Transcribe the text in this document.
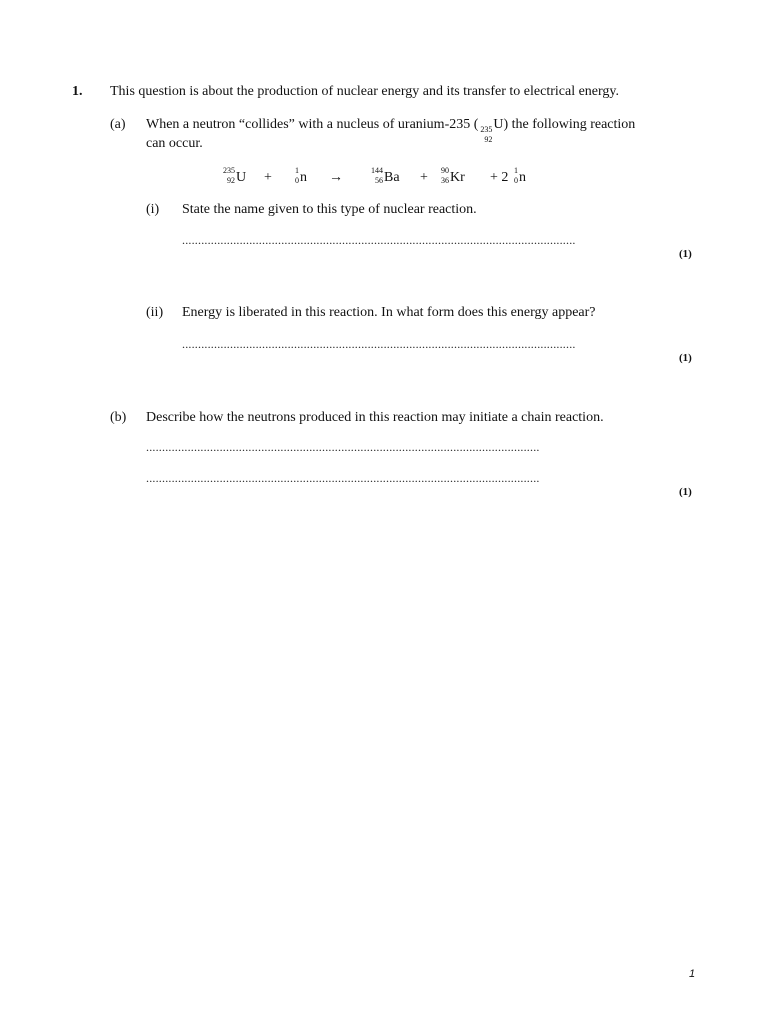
1. This question is about the production of nuclear energy and its transfer to electrical energy.
(a) When a neutron “collides” with a nucleus of uranium-235 ( 235
92
U) the following reaction
can occur.
235
92 U +	1
0 n →	144
56 Ba + 90
36 Kr + 2 1
0 n
(i) State the name given to this type of nuclear reaction.
...........................................................................................................................
(1)
(ii) Energy is liberated in this reaction. In what form does this energy appear?
...........................................................................................................................
(1)
(b) Describe how the neutrons produced in this reaction may initiate a chain reaction.
...........................................................................................................................
...........................................................................................................................
(1)
1
